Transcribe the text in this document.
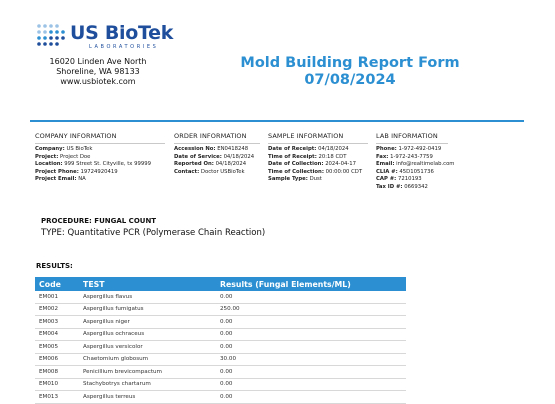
US BioTek
LABORATORIES
16020 Linden Ave North
Shoreline, WA 98133
www.usbiotek.com
Mold Building Report Form
07/08/2024
COMPANY INFORMATION
Company: US BioTek
Project: Project Doe
Location: 999 Street St. Cityville, tx 99999
Project Phone: 19724920419
Project Email: NA
ORDER INFORMATION
Accession No: EN0418248
Date of Service: 04/18/2024
Reported On: 04/18/2024
Contact: Doctor USBioTek
SAMPLE INFORMATION
Date of Receipt: 04/18/2024
Time of Receipt: 20:18 CDT
Date of Collection: 2024-04-17
Time of Collection: 00:00:00 CDT
Sample Type: Dust
LAB INFORMATION
Phone: 1-972-492-0419
Fax: 1-972-243-7759
Email: info@realtimelab.com
CLIA #: 45D1051736
CAP #: 7210193
Tax ID #: 0669342
PROCEDURE: FUNGAL COUNT
TYPE: Quantitative PCR (Polymerase Chain Reaction)
RESULTS:
Code	TEST	Results (Fungal Elements/ML)
EM001	Aspergillus flavus	0.00
EM002	Aspergillus fumigatus	250.00
EM003	Aspergillus niger	0.00
EM004	Aspergillus ochraceus	0.00
EM005	Aspergillus versicolor	0.00
EM006	Chaetomium globosum	30.00
EM008	Penicillium brevicompactum	0.00
EM010	Stachybotrys chartarum	0.00
EM013	Aspergillus terreus	0.00
